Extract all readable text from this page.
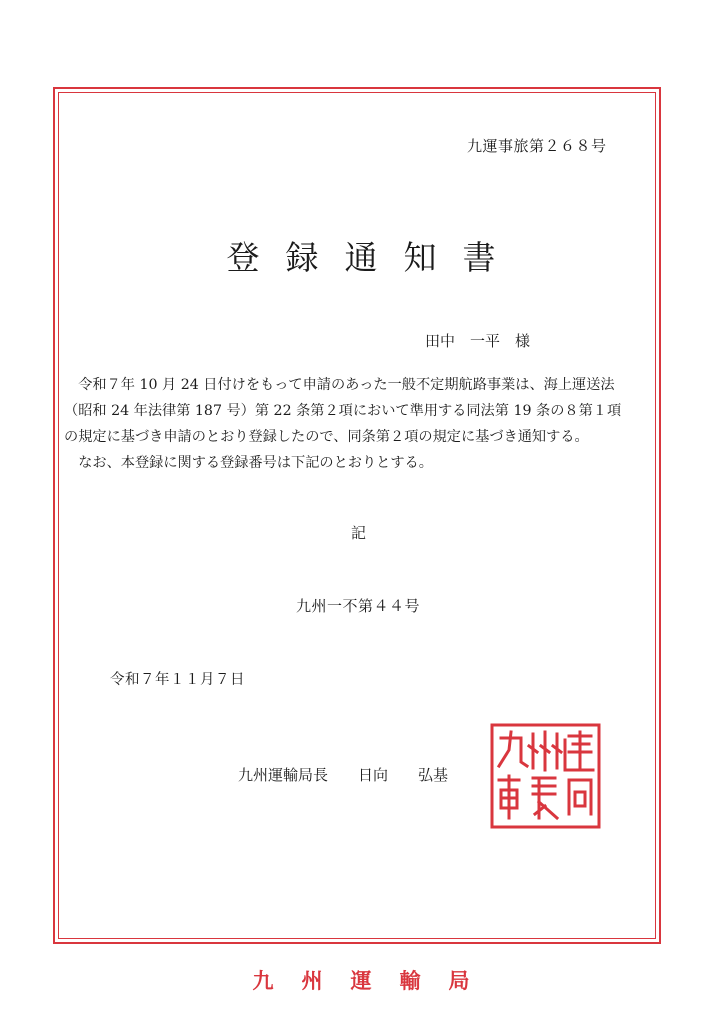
九運事旅第２６８号
登録通知書
田中　一平　様

令和７年 10 月 24 日付けをもって申請のあった一般不定期航路事業は、海上運送法

（昭和 24 年法律第 187 号）第 22 条第２項において準用する同法第 19 条の８第１項

の規定に基づき申請のとおり登録したので、同条第２項の規定に基づき通知する。

なお、本登録に関する登録番号は下記のとおりとする。

記
九州一不第４４号
令和７年１１月７日
九州運輸局長　　日向　　弘基
九州運輸局
